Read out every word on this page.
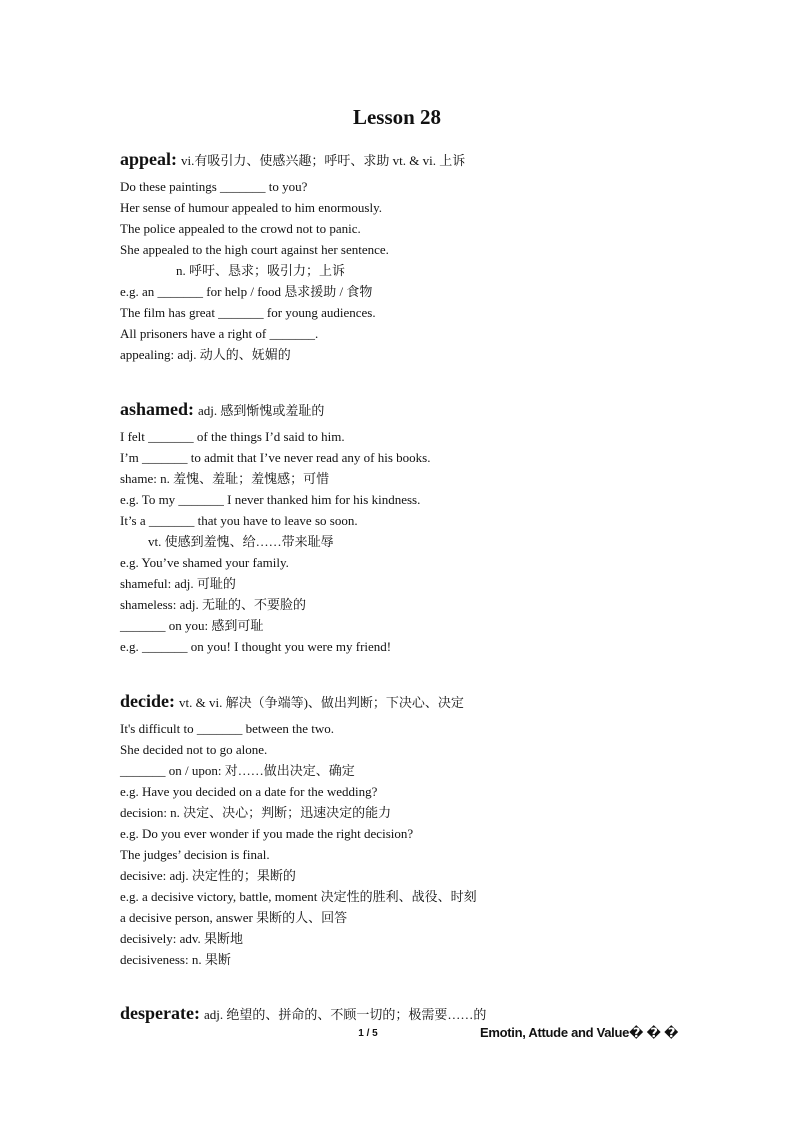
Lesson 28
appeal: vi.有吸引力、使感兴趣；呼吁、求助 vt. & vi. 上诉
Do these paintings _______ to you?
Her sense of humour appealed to him enormously.
The police appealed to the crowd not to panic.
She appealed to the high court against her sentence.
n. 呼吁、恳求；吸引力；上诉
e.g. an _______ for help / food 恳求援助 / 食物
The film has great _______ for young audiences.
All prisoners have a right of _______.
appealing: adj. 动人的、妩媚的
ashamed: adj. 感到惭愧或羞耻的
I felt _______ of the things I’d said to him.
I’m _______ to admit that I’ve never read any of his books.
shame: n. 羞愧、羞耻；羞愧感；可惜
e.g. To my _______ I never thanked him for his kindness.
It’s a _______ that you have to leave so soon.
vt. 使感到羞愧、给……带来耻辱
e.g. You’ve shamed your family.
shameful: adj. 可耻的
shameless: adj. 无耻的、不要脸的
_______ on you: 感到可耻
e.g. _______ on you! I thought you were my friend!
decide: vt. & vi. 解决（争端等)、做出判断；下决心、决定
It's difficult to _______ between the two.
She decided not to go alone.
_______ on / upon: 对……做出决定、确定
e.g. Have you decided on a date for the wedding?
decision: n. 决定、决心；判断；迅速决定的能力
e.g. Do you ever wonder if you made the right decision?
The judges’ decision is final.
decisive: adj. 决定性的；果断的
e.g. a decisive victory, battle, moment 决定性的胜利、战役、时刻
a decisive person, answer 果断的人、回答
decisively: adv. 果断地
decisiveness: n. 果断
desperate: adj. 绝望的、拼命的、不顾一切的；极需要……的
1 / 5	Emotin, Attude and Value� � �
